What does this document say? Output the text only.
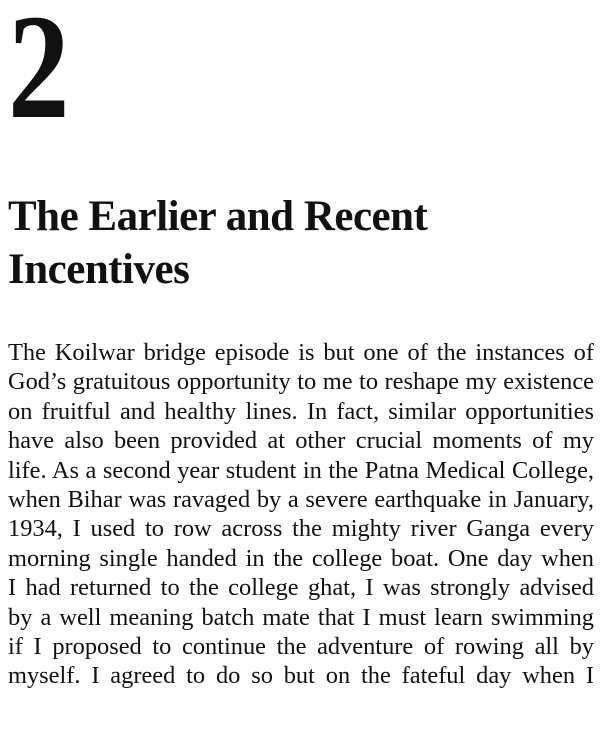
2
The Earlier and Recent
Incentives
The Koilwar bridge episode is but one of the instances of
God’s gratuitous opportunity to me to reshape my existence
on fruitful and healthy lines. In fact, similar opportunities
have also been provided at other crucial moments of my
life. As a second year student in the Patna Medical College,
when Bihar was ravaged by a severe earthquake in January,
1934, I used to row across the mighty river Ganga every
morning single handed in the college boat. One day when
I had returned to the college ghat, I was strongly advised
by a well meaning batch mate that I must learn swimming
if I proposed to continue the adventure of rowing all by
myself. I agreed to do so but on the fateful day when I
